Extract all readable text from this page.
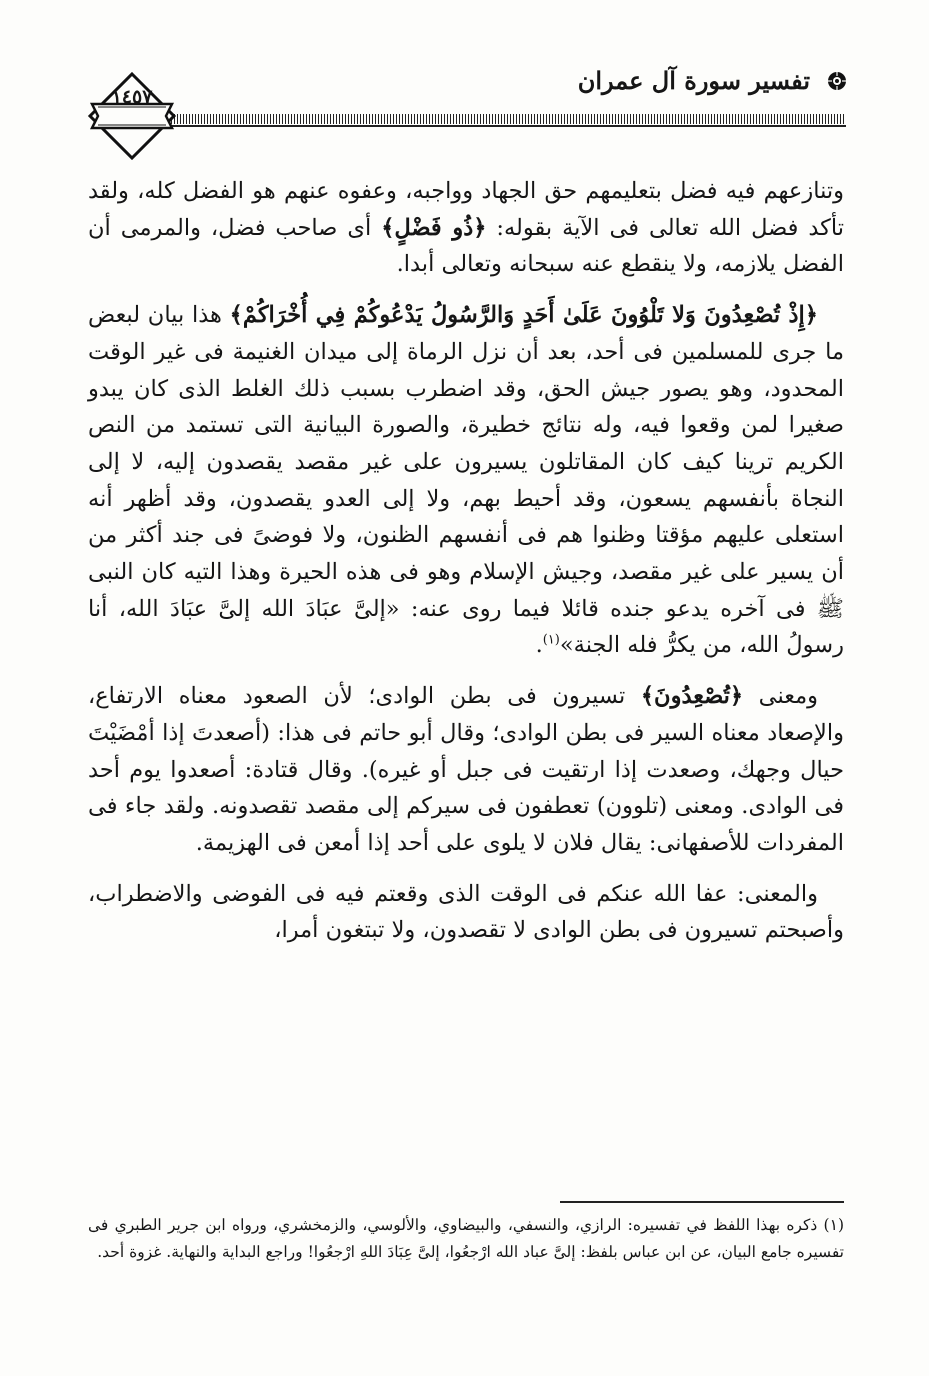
تفسير سورة آل عمران
١٤٥٧

وتنازعهم فيه فضل بتعليمهم حق الجهاد وواجبه، وعفوه عنهم هو الفضل كله، ولقد تأكد فضل الله تعالى فى الآية بقوله: ﴿ذُو فَضْلٍ﴾ أى صاحب فضل، والمرمى أن الفضل يلازمه، ولا ينقطع عنه سبحانه وتعالى أبدا.

﴿إِذْ تُصْعِدُونَ وَلا تَلْوُونَ عَلَىٰ أَحَدٍ وَالرَّسُولُ يَدْعُوكُمْ فِي أُخْرَاكُمْ﴾ هذا بيان لبعض ما جرى للمسلمين فى أحد، بعد أن نزل الرماة إلى ميدان الغنيمة فى غير الوقت المحدود، وهو يصور جيش الحق، وقد اضطرب بسبب ذلك الغلط الذى كان يبدو صغيرا لمن وقعوا فيه، وله نتائج خطيرة، والصورة البيانية التى تستمد من النص الكريم ترينا كيف كان المقاتلون يسيرون على غير مقصد يقصدون إليه، لا إلى النجاة بأنفسهم يسعون، وقد أحيط بهم، ولا إلى العدو يقصدون، وقد أظهر أنه استعلى عليهم مؤقتا وظنوا هم فى أنفسهم الظنون، ولا فوضىً فى جند أكثر من أن يسير على غير مقصد، وجيش الإسلام وهو فى هذه الحيرة وهذا التيه كان النبى ﷺ فى آخره يدعو جنده قائلا فيما روى عنه: «إلىَّ عبَادَ الله إلىَّ عبَادَ الله، أنا رسولُ الله، من يكرُّ فله الجنة»$^{(١)}$.

ومعنى ﴿تُصْعِدُونَ﴾ تسيرون فى بطن الوادى؛ لأن الصعود معناه الارتفاع، والإصعاد معناه السير فى بطن الوادى؛ وقال أبو حاتم فى هذا: (أصعدتَ إذا أمْضَيْتَ حيال وجهك، وصعدت إذا ارتقيت فى جبل أو غيره). وقال قتادة: أصعدوا يوم أحد فى الوادى. ومعنى (تلوون) تعطفون فى سيركم إلى مقصد تقصدونه. ولقد جاء فى المفردات للأصفهانى: يقال فلان لا يلوى على أحد إذا أمعن فى الهزيمة.

والمعنى: عفا الله عنكم فى الوقت الذى وقعتم فيه فى الفوضى والاضطراب، وأصبحتم تسيرون فى بطن الوادى لا تقصدون، ولا تبتغون أمرا،

(١) ذكره بهذا اللفظ في تفسيره: الرازي، والنسفي، والبيضاوي، والألوسي، والزمخشري، ورواه ابن جرير الطبري فى تفسيره جامع البيان، عن ابن عباس بلفظ: إلىَّ عباد الله ارْجعُوا، إلىَّ عِبَادَ اللهِ ارْجعُوا! وراجع البداية والنهاية. غزوة أحد.
